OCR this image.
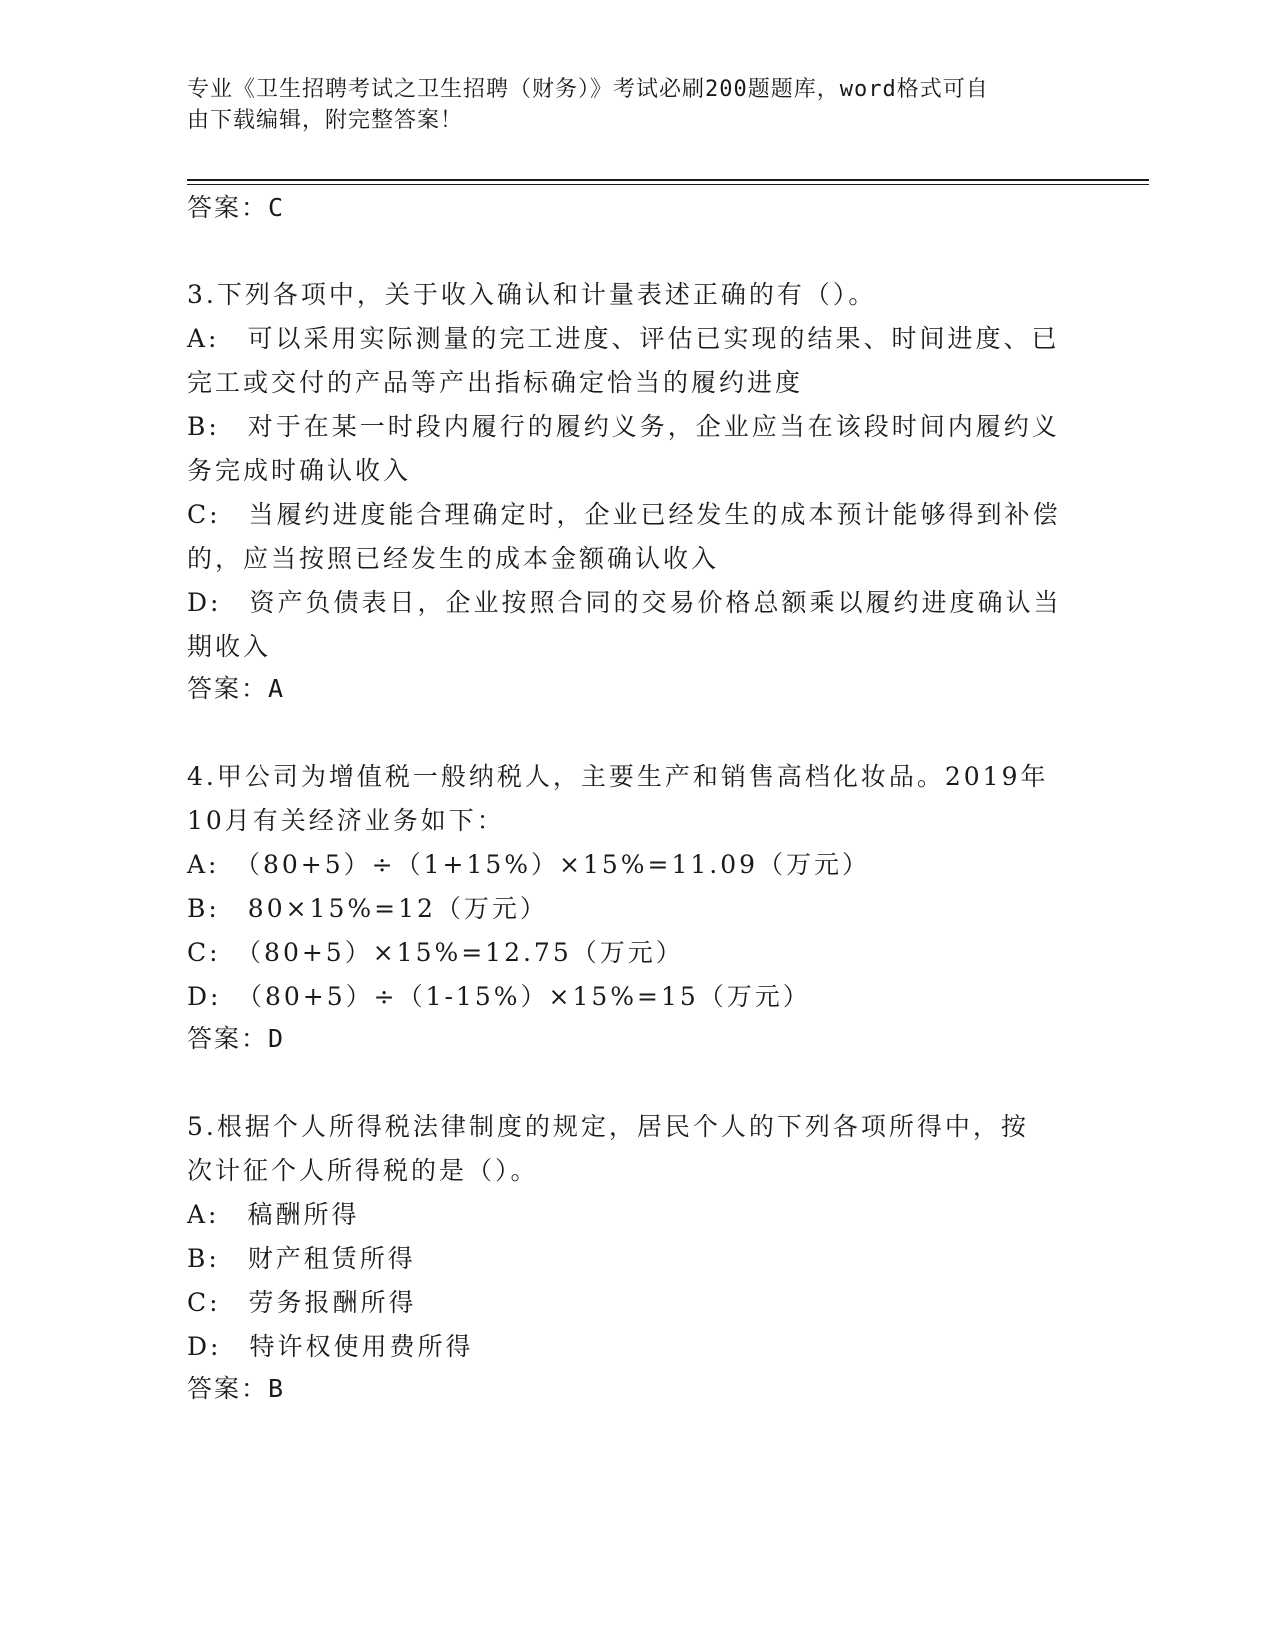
专业《卫生招聘考试之卫生招聘（财务）》考试必刷200题题库，word格式可自
由下载编辑，附完整答案！
答案：C
3.下列各项中，关于收入确认和计量表述正确的有（）。
A:　可以采用实际测量的完工进度、评估已实现的结果、时间进度、已
完工或交付的产品等产出指标确定恰当的履约进度
B:　对于在某一时段内履行的履约义务，企业应当在该段时间内履约义
务完成时确认收入
C:　当履约进度能合理确定时，企业已经发生的成本预计能够得到补偿
的，应当按照已经发生的成本金额确认收入
D:　资产负债表日，企业按照合同的交易价格总额乘以履约进度确认当
期收入
答案：A
4.甲公司为增值税一般纳税人，主要生产和销售高档化妆品。2019年
10月有关经济业务如下：
A:　（80+5）÷（1+15%）×15%=11.09（万元）
B:　80×15%=12（万元）
C:　（80+5）×15%=12.75（万元）
D:　（80+5）÷（1-15%）×15%=15（万元）
答案：D
5.根据个人所得税法律制度的规定，居民个人的下列各项所得中，按
次计征个人所得税的是（）。
A:　稿酬所得
B:　财产租赁所得
C:　劳务报酬所得
D:　特许权使用费所得
答案：B
